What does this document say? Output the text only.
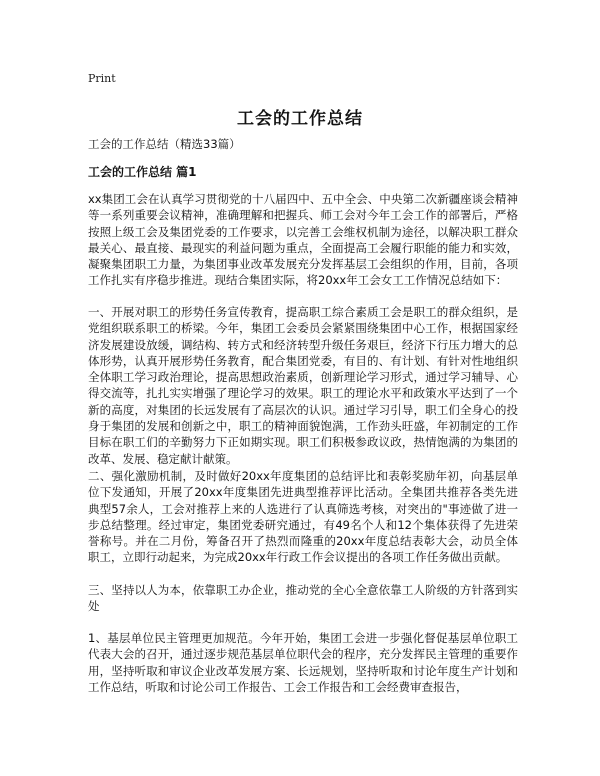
Print
工会的工作总结
工会的工作总结（精选33篇）
工会的工作总结 篇1

xx集团工会在认真学习贯彻党的十八届四中、五中全会、中央第二次新疆座谈会精神等一系列重要会议精神，准确理解和把握兵、师工会对今年工会工作的部署后，严格按照上级工会及集团党委的工作要求，以完善工会维权机制为途径，以解决职工群众最关心、最直接、最现实的利益问题为重点，全面提高工会履行职能的能力和实效，凝聚集团职工力量，为集团事业改革发展充分发挥基层工会组织的作用，目前，各项工作扎实有序稳步推进。现结合集团实际，将20xx年工会女工工作情况总结如下：

一、开展对职工的形势任务宣传教育，提高职工综合素质工会是职工的群众组织，是党组织联系职工的桥梁。今年，集团工会委员会紧紧围绕集团中心工作，根据国家经济发展建设放缓，调结构、转方式和经济转型升级任务艰巨，经济下行压力增大的总体形势，认真开展形势任务教育，配合集团党委，有目的、有计划、有针对性地组织全体职工学习政治理论，提高思想政治素质，创新理论学习形式，通过学习辅导、心得交流等，扎扎实实增强了理论学习的效果。职工的理论水平和政策水平达到了一个新的高度，对集团的长远发展有了高层次的认识。通过学习引导，职工们全身心的投身于集团的发展和创新之中，职工的精神面貌饱满，工作劲头旺盛，年初制定的工作目标在职工们的辛勤努力下正如期实现。职工们积极参政议政，热情饱满的为集团的改革、发展、稳定献计献策。

二、强化激励机制，及时做好20xx年度集团的总结评比和表彰奖励年初，向基层单位下发通知，开展了20xx年度集团先进典型推荐评比活动。全集团共推荐各类先进典型57余人，工会对推荐上来的人选进行了认真筛选考核，对突出的"事迹做了进一步总结整理。经过审定，集团党委研究通过，有49名个人和12个集体获得了先进荣誉称号。并在二月份，筹备召开了热烈而隆重的20xx年度总结表彰大会，动员全体职工，立即行动起来，为完成20xx年行政工作会议提出的各项工作任务做出贡献。

三、坚持以人为本，依靠职工办企业，推动党的全心全意依靠工人阶级的方针落到实处

1、基层单位民主管理更加规范。今年开始，集团工会进一步强化督促基层单位职工代表大会的召开，通过逐步规范基层单位职代会的程序，充分发挥民主管理的重要作用，坚持听取和审议企业改革发展方案、长远规划，坚持听取和讨论年度生产计划和工作总结，听取和讨论公司工作报告、工会工作报告和工会经费审查报告，
